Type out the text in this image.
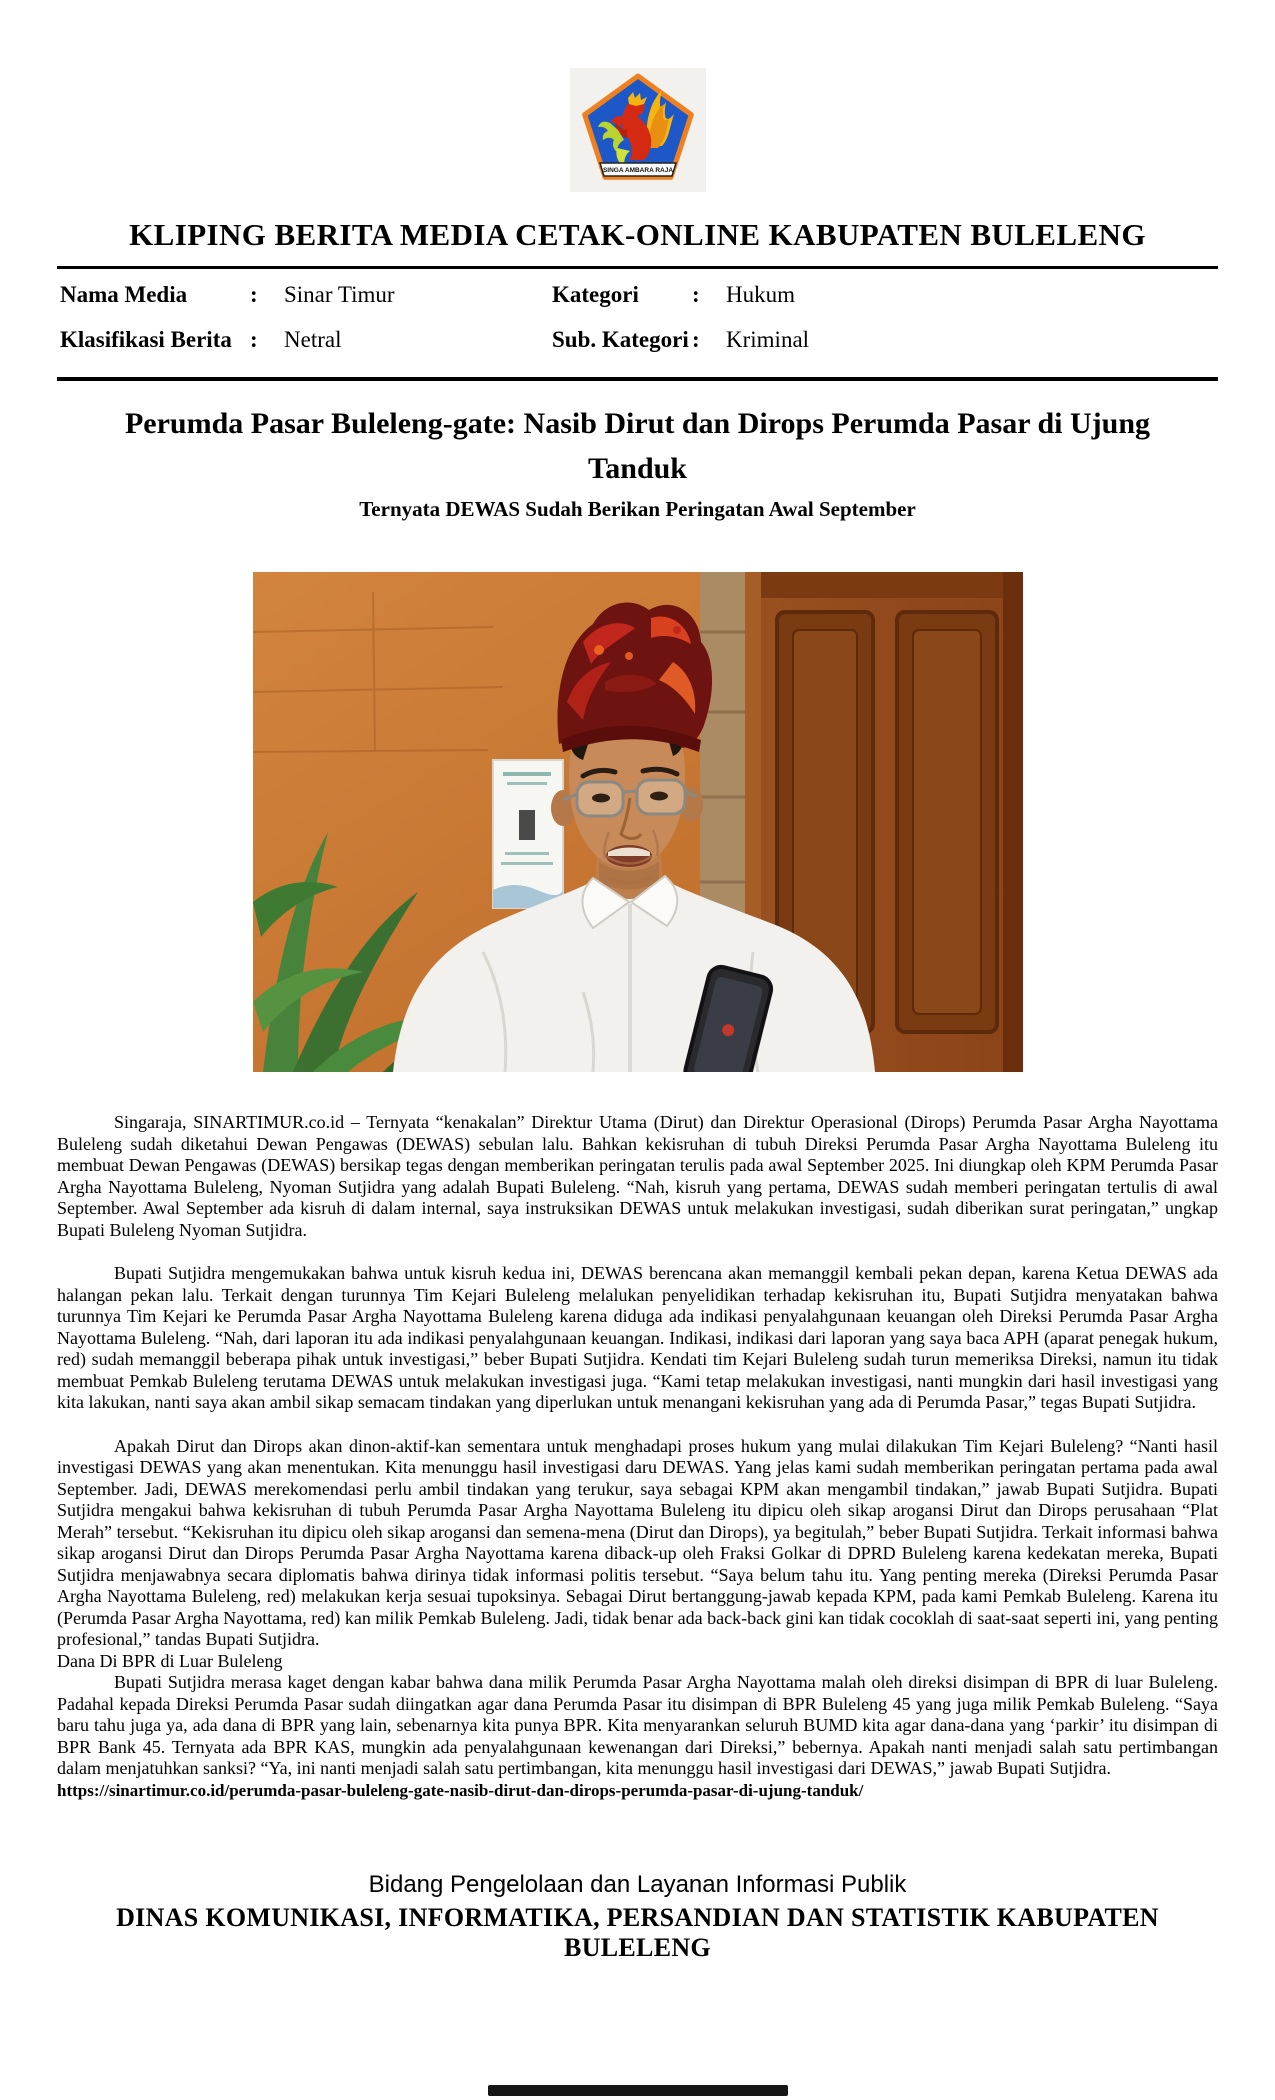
SINGA AMBARA RAJA
KLIPING BERITA MEDIA CETAK-ONLINE KABUPATEN BULELENG
Nama Media	:	Sinar Timur
Klasifikasi Berita :	Netral
Kategori	:	Hukum
Sub. Kategori :	Kriminal
Perumda Pasar Buleleng-gate: Nasib Dirut dan Dirops Perumda Pasar di Ujung Tanduk
Ternyata DEWAS Sudah Berikan Peringatan Awal September

Singaraja, SINARTIMUR.co.id – Ternyata “kenakalan” Direktur Utama (Dirut) dan Direktur Operasional (Dirops) Perumda Pasar Argha Nayottama Buleleng sudah diketahui Dewan Pengawas (DEWAS) sebulan lalu. Bahkan kekisruhan di tubuh Direksi Perumda Pasar Argha Nayottama Buleleng itu membuat Dewan Pengawas (DEWAS) bersikap tegas dengan memberikan peringatan terulis pada awal September 2025. Ini diungkap oleh KPM Perumda Pasar Argha Nayottama Buleleng, Nyoman Sutjidra yang adalah Bupati Buleleng. “Nah, kisruh yang pertama, DEWAS sudah memberi peringatan tertulis di awal September. Awal September ada kisruh di dalam internal, saya instruksikan DEWAS untuk melakukan investigasi, sudah diberikan surat peringatan,” ungkap Bupati Buleleng Nyoman Sutjidra.

Bupati Sutjidra mengemukakan bahwa untuk kisruh kedua ini, DEWAS berencana akan memanggil kembali pekan depan, karena Ketua DEWAS ada halangan pekan lalu. Terkait dengan turunnya Tim Kejari Buleleng melalukan penyelidikan terhadap kekisruhan itu, Bupati Sutjidra menyatakan bahwa turunnya Tim Kejari ke Perumda Pasar Argha Nayottama Buleleng karena diduga ada indikasi penyalahgunaan keuangan oleh Direksi Perumda Pasar Argha Nayottama Buleleng. “Nah, dari laporan itu ada indikasi penyalahgunaan keuangan. Indikasi, indikasi dari laporan yang saya baca APH (aparat penegak hukum, red) sudah memanggil beberapa pihak untuk investigasi,” beber Bupati Sutjidra. Kendati tim Kejari Buleleng sudah turun memeriksa Direksi, namun itu tidak membuat Pemkab Buleleng terutama DEWAS untuk melakukan investigasi juga. “Kami tetap melakukan investigasi, nanti mungkin dari hasil investigasi yang kita lakukan, nanti saya akan ambil sikap semacam tindakan yang diperlukan untuk menangani kekisruhan yang ada di Perumda Pasar,” tegas Bupati Sutjidra.

Apakah Dirut dan Dirops akan dinon-aktif-kan sementara untuk menghadapi proses hukum yang mulai dilakukan Tim Kejari Buleleng? “Nanti hasil investigasi DEWAS yang akan menentukan. Kita menunggu hasil investigasi daru DEWAS. Yang jelas kami sudah memberikan peringatan pertama pada awal September. Jadi, DEWAS merekomendasi perlu ambil tindakan yang terukur, saya sebagai KPM akan mengambil tindakan,” jawab Bupati Sutjidra. Bupati Sutjidra mengakui bahwa kekisruhan di tubuh Perumda Pasar Argha Nayottama Buleleng itu dipicu oleh sikap arogansi Dirut dan Dirops perusahaan “Plat Merah” tersebut. “Kekisruhan itu dipicu oleh sikap arogansi dan semena-mena (Dirut dan Dirops), ya begitulah,” beber Bupati Sutjidra. Terkait informasi bahwa sikap arogansi Dirut dan Dirops Perumda Pasar Argha Nayottama karena diback-up oleh Fraksi Golkar di DPRD Buleleng karena kedekatan mereka, Bupati Sutjidra menjawabnya secara diplomatis bahwa dirinya tidak informasi politis tersebut. “Saya belum tahu itu. Yang penting mereka (Direksi Perumda Pasar Argha Nayottama Buleleng, red) melakukan kerja sesuai tupoksinya. Sebagai Dirut bertanggung-jawab kepada KPM, pada kami Pemkab Buleleng. Karena itu (Perumda Pasar Argha Nayottama, red) kan milik Pemkab Buleleng. Jadi, tidak benar ada back-back gini kan tidak cocoklah di saat-saat seperti ini, yang penting profesional,” tandas Bupati Sutjidra.

Dana Di BPR di Luar Buleleng

Bupati Sutjidra merasa kaget dengan kabar bahwa dana milik Perumda Pasar Argha Nayottama malah oleh direksi disimpan di BPR di luar Buleleng. Padahal kepada Direksi Perumda Pasar sudah diingatkan agar dana Perumda Pasar itu disimpan di BPR Buleleng 45 yang juga milik Pemkab Buleleng. “Saya baru tahu juga ya, ada dana di BPR yang lain, sebenarnya kita punya BPR. Kita menyarankan seluruh BUMD kita agar dana-dana yang ‘parkir’ itu disimpan di BPR Bank 45. Ternyata ada BPR KAS, mungkin ada penyalahgunaan kewenangan dari Direksi,” bebernya. Apakah nanti menjadi salah satu pertimbangan dalam menjatuhkan sanksi? “Ya, ini nanti menjadi salah satu pertimbangan, kita menunggu hasil investigasi dari DEWAS,” jawab Bupati Sutjidra.

https://sinartimur.co.id/perumda-pasar-buleleng-gate-nasib-dirut-dan-dirops-perumda-pasar-di-ujung-tanduk/

Bidang Pengelolaan dan Layanan Informasi Publik

DINAS KOMUNIKASI, INFORMATIKA, PERSANDIAN DAN STATISTIK KABUPATEN BULELENG
